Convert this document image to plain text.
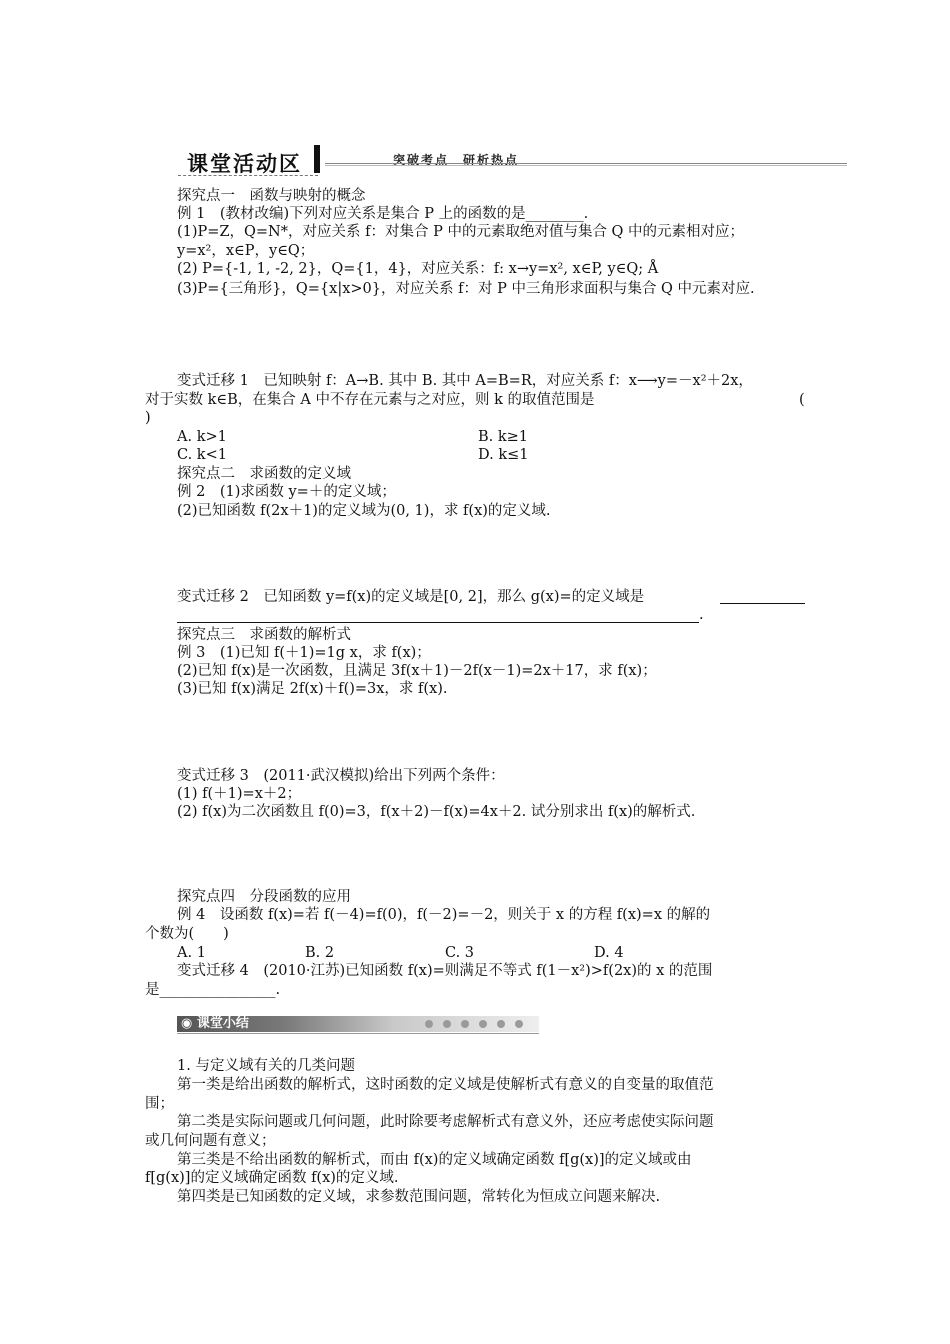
课堂活动区	突破考点　研析热点
探究点一　函数与映射的概念
例 1　(教材改编)下列对应关系是集合 P 上的函数的是________.
(1)P=Z，Q=N*，对应关系 f：对集合 P 中的元素取绝对值与集合 Q 中的元素相对应；
y=x²，x∈P，y∈Q；
(2) P={-1, 1, -2, 2}，Q={1，4}，对应关系：f: x→y=x², x∈P, y∈Q; Å
(3)P={三角形}，Q={x|x>0}，对应关系 f：对 P 中三角形求面积与集合 Q 中元素对应.
变式迁移 1　已知映射 f：A→B. 其中 B. 其中 A=B=R，对应关系 f：x⟶y=－x²＋2x，
对于实数 k∈B，在集合 A 中不存在元素与之对应，则 k 的取值范围是	(
)
A. k>1	B. k≥1
C. k<1	D. k≤1
探究点二　求函数的定义域
例 2　(1)求函数 y=＋的定义域；
(2)已知函数 f(2x＋1)的定义域为(0, 1)，求 f(x)的定义域.
变式迁移 2　已知函数 y=f(x)的定义域是[0, 2]，那么 g(x)=的定义域是
.
探究点三　求函数的解析式
例 3　(1)已知 f(＋1)=1g x，求 f(x)；
(2)已知 f(x)是一次函数，且满足 3f(x＋1)－2f(x－1)=2x＋17，求 f(x)；
(3)已知 f(x)满足 2f(x)＋f()=3x，求 f(x).
变式迁移 3　(2011·武汉模拟)给出下列两个条件：
(1) f(＋1)=x＋2；
(2) f(x)为二次函数且 f(0)=3，f(x＋2)－f(x)=4x＋2. 试分别求出 f(x)的解析式.
探究点四　分段函数的应用
例 4　设函数 f(x)=若 f(－4)=f(0)，f(－2)=－2，则关于 x 的方程 f(x)=x 的解的
个数为(　　)
A. 1	B. 2	C. 3	D. 4
变式迁移 4　(2010·江苏)已知函数 f(x)=则满足不等式 f(1－x²)>f(2x)的 x 的范围
是________________.
1. 与定义域有关的几类问题
第一类是给出函数的解析式，这时函数的定义域是使解析式有意义的自变量的取值范
围；
第二类是实际问题或几何问题，此时除要考虑解析式有意义外，还应考虑使实际问题
或几何问题有意义；
第三类是不给出函数的解析式，而由 f(x)的定义域确定函数 f[g(x)]的定义域或由
f[g(x)]的定义域确定函数 f(x)的定义域.
第四类是已知函数的定义域，求参数范围问题，常转化为恒成立问题来解决.
◉ 课堂小结
